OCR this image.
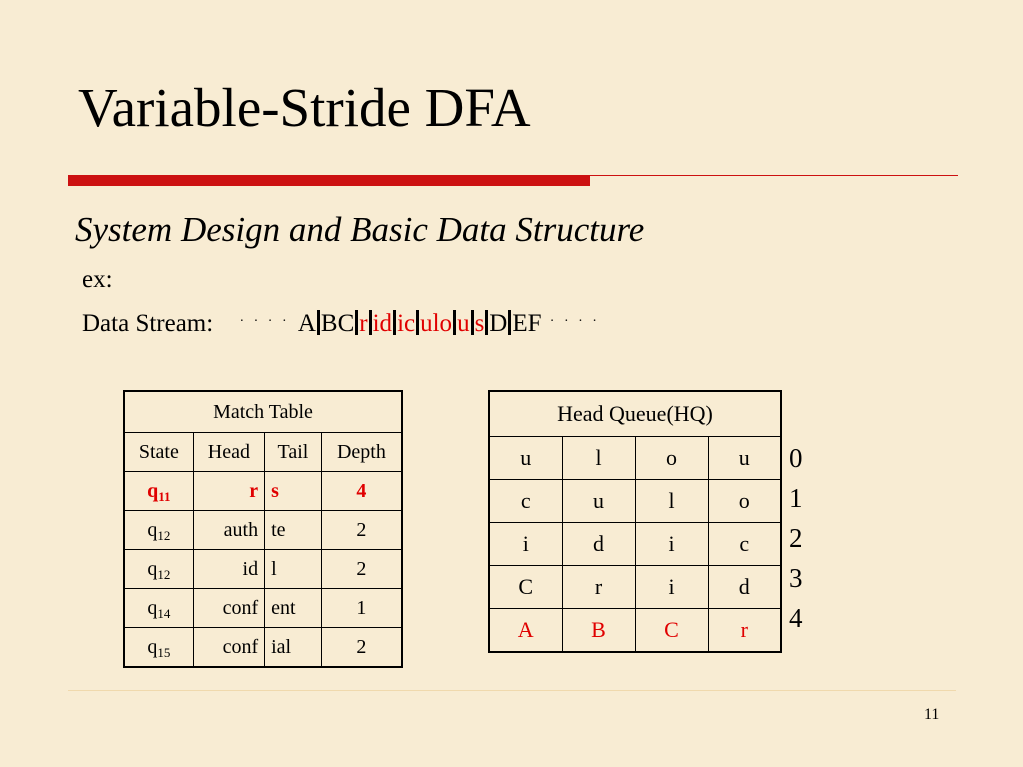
Variable-Stride DFA
System Design and Basic Data Structure
ex:
Data Stream: · · · · A BC r id ic ulo u s D EF · · · ·
Match Table			
State	Head	Tail	Depth
$q_{11}$	r	s	4
$q_{12}$	auth	te	2
$q_{12}$	id	l	2
$q_{14}$	conf	ent	1
$q_{15}$	conf	ial	2
Head Queue(HQ)			
u	l	o	u
c	u	l	o
i	d	i	c
C	r	i	d
A	B	C	r
0
1
2
3
4
11
